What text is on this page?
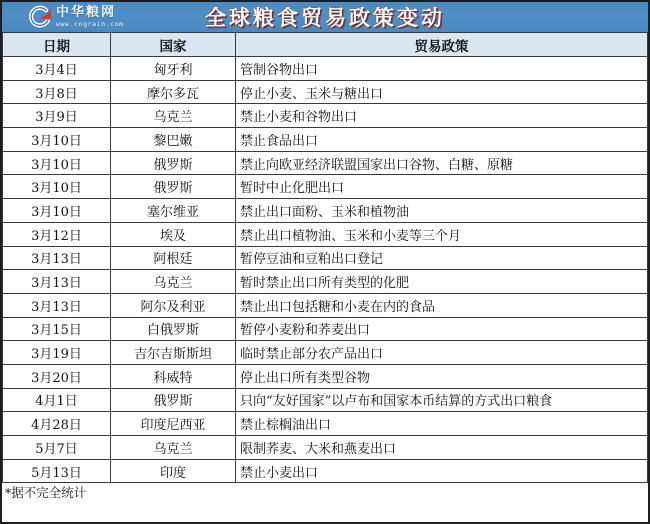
中华粮网
www.cngrain.com	全球粮食贸易政策变动
日期	国家	贸易政策
3月4日	匈牙利	管制谷物出口
3月8日	摩尔多瓦	停止小麦、玉米与糖出口
3月9日	乌克兰	禁止小麦和谷物出口
3月10日	黎巴嫩	禁止食品出口
3月10日	俄罗斯	禁止向欧亚经济联盟国家出口谷物、白糖、原糖
3月10日	俄罗斯	暂时中止化肥出口
3月10日	塞尔维亚	禁止出口面粉、玉米和植物油
3月12日	埃及	禁止出口植物油、玉米和小麦等三个月
3月13日	阿根廷	暂停豆油和豆粕出口登记
3月13日	乌克兰	暂时禁止出口所有类型的化肥
3月13日	阿尔及利亚	禁止出口包括糖和小麦在内的食品
3月15日	白俄罗斯	暂停小麦粉和荞麦出口
3月19日	吉尔吉斯斯坦	临时禁止部分农产品出口
3月20日	科威特	停止出口所有类型谷物
4月1日	俄罗斯	只向“友好国家”以卢布和国家本币结算的方式出口粮食
4月28日	印度尼西亚	禁止棕榈油出口
5月7日	乌克兰	限制荞麦、大米和燕麦出口
5月13日	印度	禁止小麦出口
*据不完全统计
